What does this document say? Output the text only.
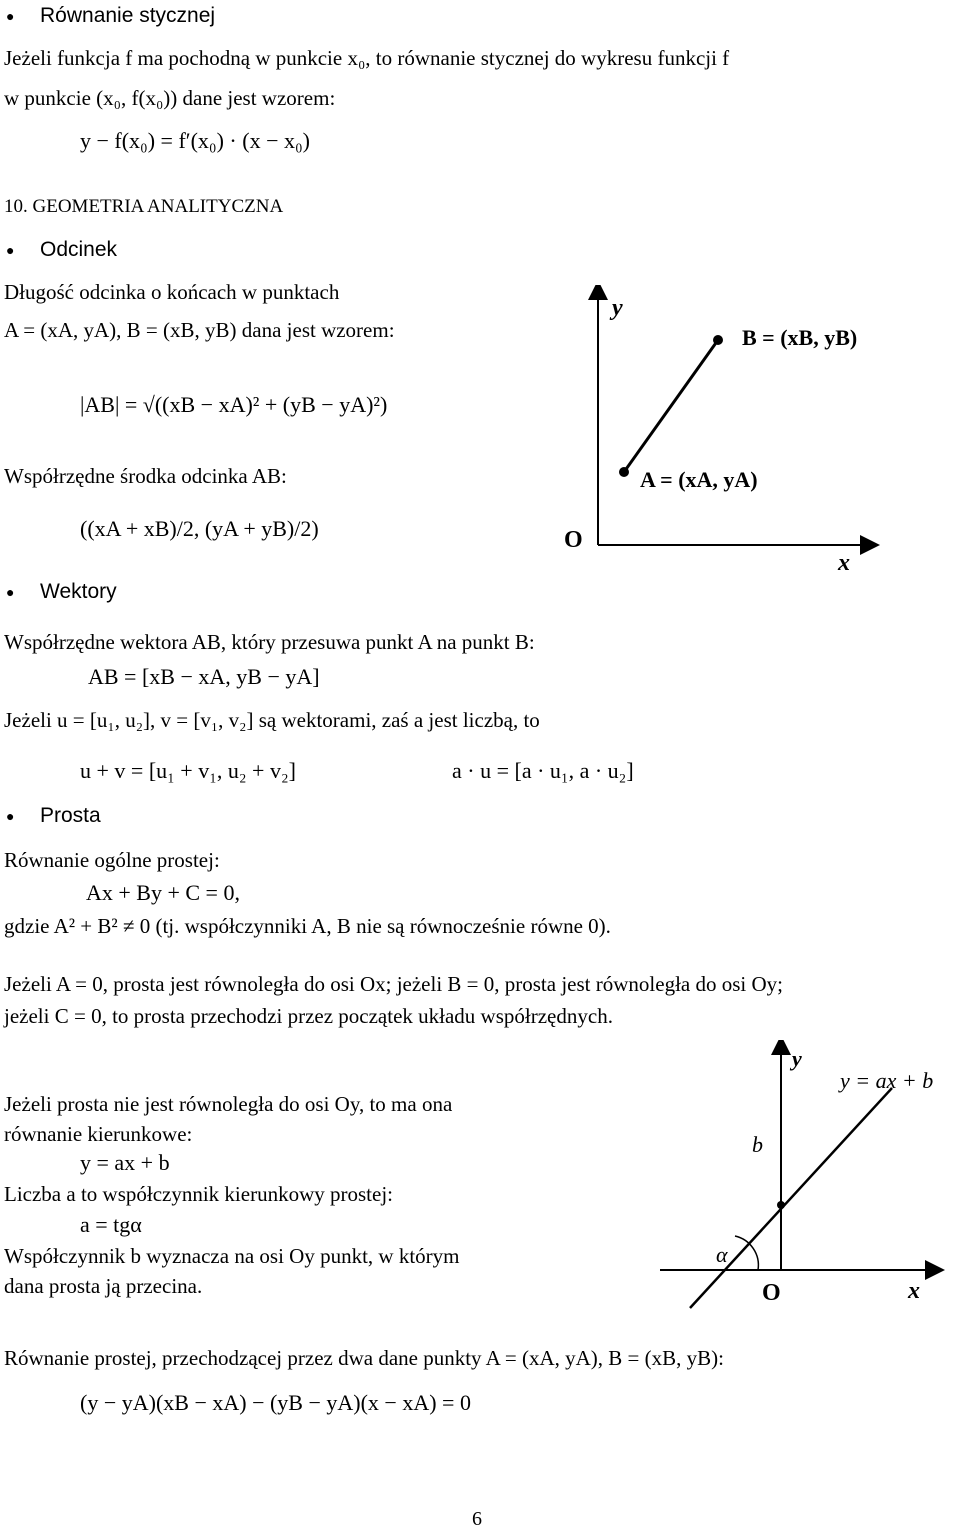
● Równanie stycznej
Jeżeli funkcja f ma pochodną w punkcie x₀, to równanie stycznej do wykresu funkcji f
w punkcie (x₀, f(x₀)) dane jest wzorem:
y − f(x₀) = f′(x₀) · (x − x₀)
10. GEOMETRIA ANALITYCZNA
● Odcinek
Długość odcinka o końcach w punktach
A = (xA, yA), B = (xB, yB) dana jest wzorem:
|AB| = √((xB − xA)² + (yB − yA)²)
Współrzędne środka odcinka AB:
((xA + xB)/2, (yA + yB)/2)
y
x
O
A = (xA, yA)
B = (xB, yB)
● Wektory
Współrzędne wektora AB, który przesuwa punkt A na punkt B:
AB = [xB − xA, yB − yA]
Jeżeli u = [u₁, u₂], v = [v₁, v₂] są wektorami, zaś a jest liczbą, to
u + v = [u₁ + v₁, u₂ + v₂]	a · u = [a · u₁, a · u₂]
● Prosta
Równanie ogólne prostej:
Ax + By + C = 0,
gdzie A² + B² ≠ 0 (tj. współczynniki A, B nie są równocześnie równe 0).
Jeżeli A = 0, prosta jest równoległa do osi Ox; jeżeli B = 0, prosta jest równoległa do osi Oy;
jeżeli C = 0, to prosta przechodzi przez początek układu współrzędnych.
Jeżeli prosta nie jest równoległa do osi Oy, to ma ona
równanie kierunkowe:
y = ax + b
Liczba a to współczynnik kierunkowy prostej:
a = tgα
Współczynnik b wyznacza na osi Oy punkt, w którym
dana prosta ją przecina.
y
x
O
y = ax + b
b
α
Równanie prostej, przechodzącej przez dwa dane punkty A = (xA, yA), B = (xB, yB):
(y − yA)(xB − xA) − (yB − yA)(x − xA) = 0
6
